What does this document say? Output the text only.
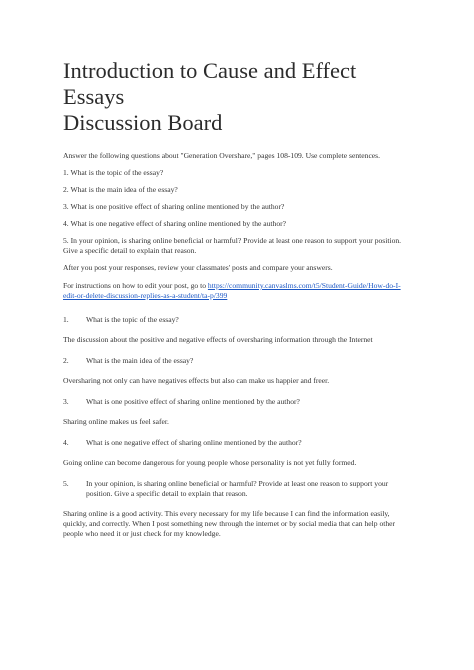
Introduction to Cause and Effect Essays
Discussion Board

Answer the following questions about "Generation Overshare," pages 108-109. Use complete sentences.

1. What is the topic of the essay?

2. What is the main idea of the essay?

3. What is one positive effect of sharing online mentioned by the author?

4. What is one negative effect of sharing online mentioned by the author?

5. In your opinion, is sharing online beneficial or harmful? Provide at least one reason to support your position. Give a specific detail to explain that reason.

After you post your responses, review your classmates' posts and compare your answers.

For instructions on how to edit your post, go to https://community.canvaslms.com/t5/Student-Guide/How-do-I-edit-or-delete-discussion-replies-as-a-student/ta-p/399

1.	What is the topic of the essay?

The discussion about the positive and negative effects of oversharing information through the Internet

2.	What is the main idea of the essay?

Oversharing not only can have negatives effects but also can make us happier and freer.

3.	What is one positive effect of sharing online mentioned by the author?

Sharing online makes us feel safer.

4.	What is one negative effect of sharing online mentioned by the author?

Going online can become dangerous for young people whose personality is not yet fully formed.

5.	In your opinion, is sharing online beneficial or harmful? Provide at least one reason to support your position. Give a specific detail to explain that reason.

Sharing online is a good activity. This every necessary for my life because I can find the information easily, quickly, and correctly. When I post something new through the internet or by social media that can help other people who need it or just check for my knowledge.
